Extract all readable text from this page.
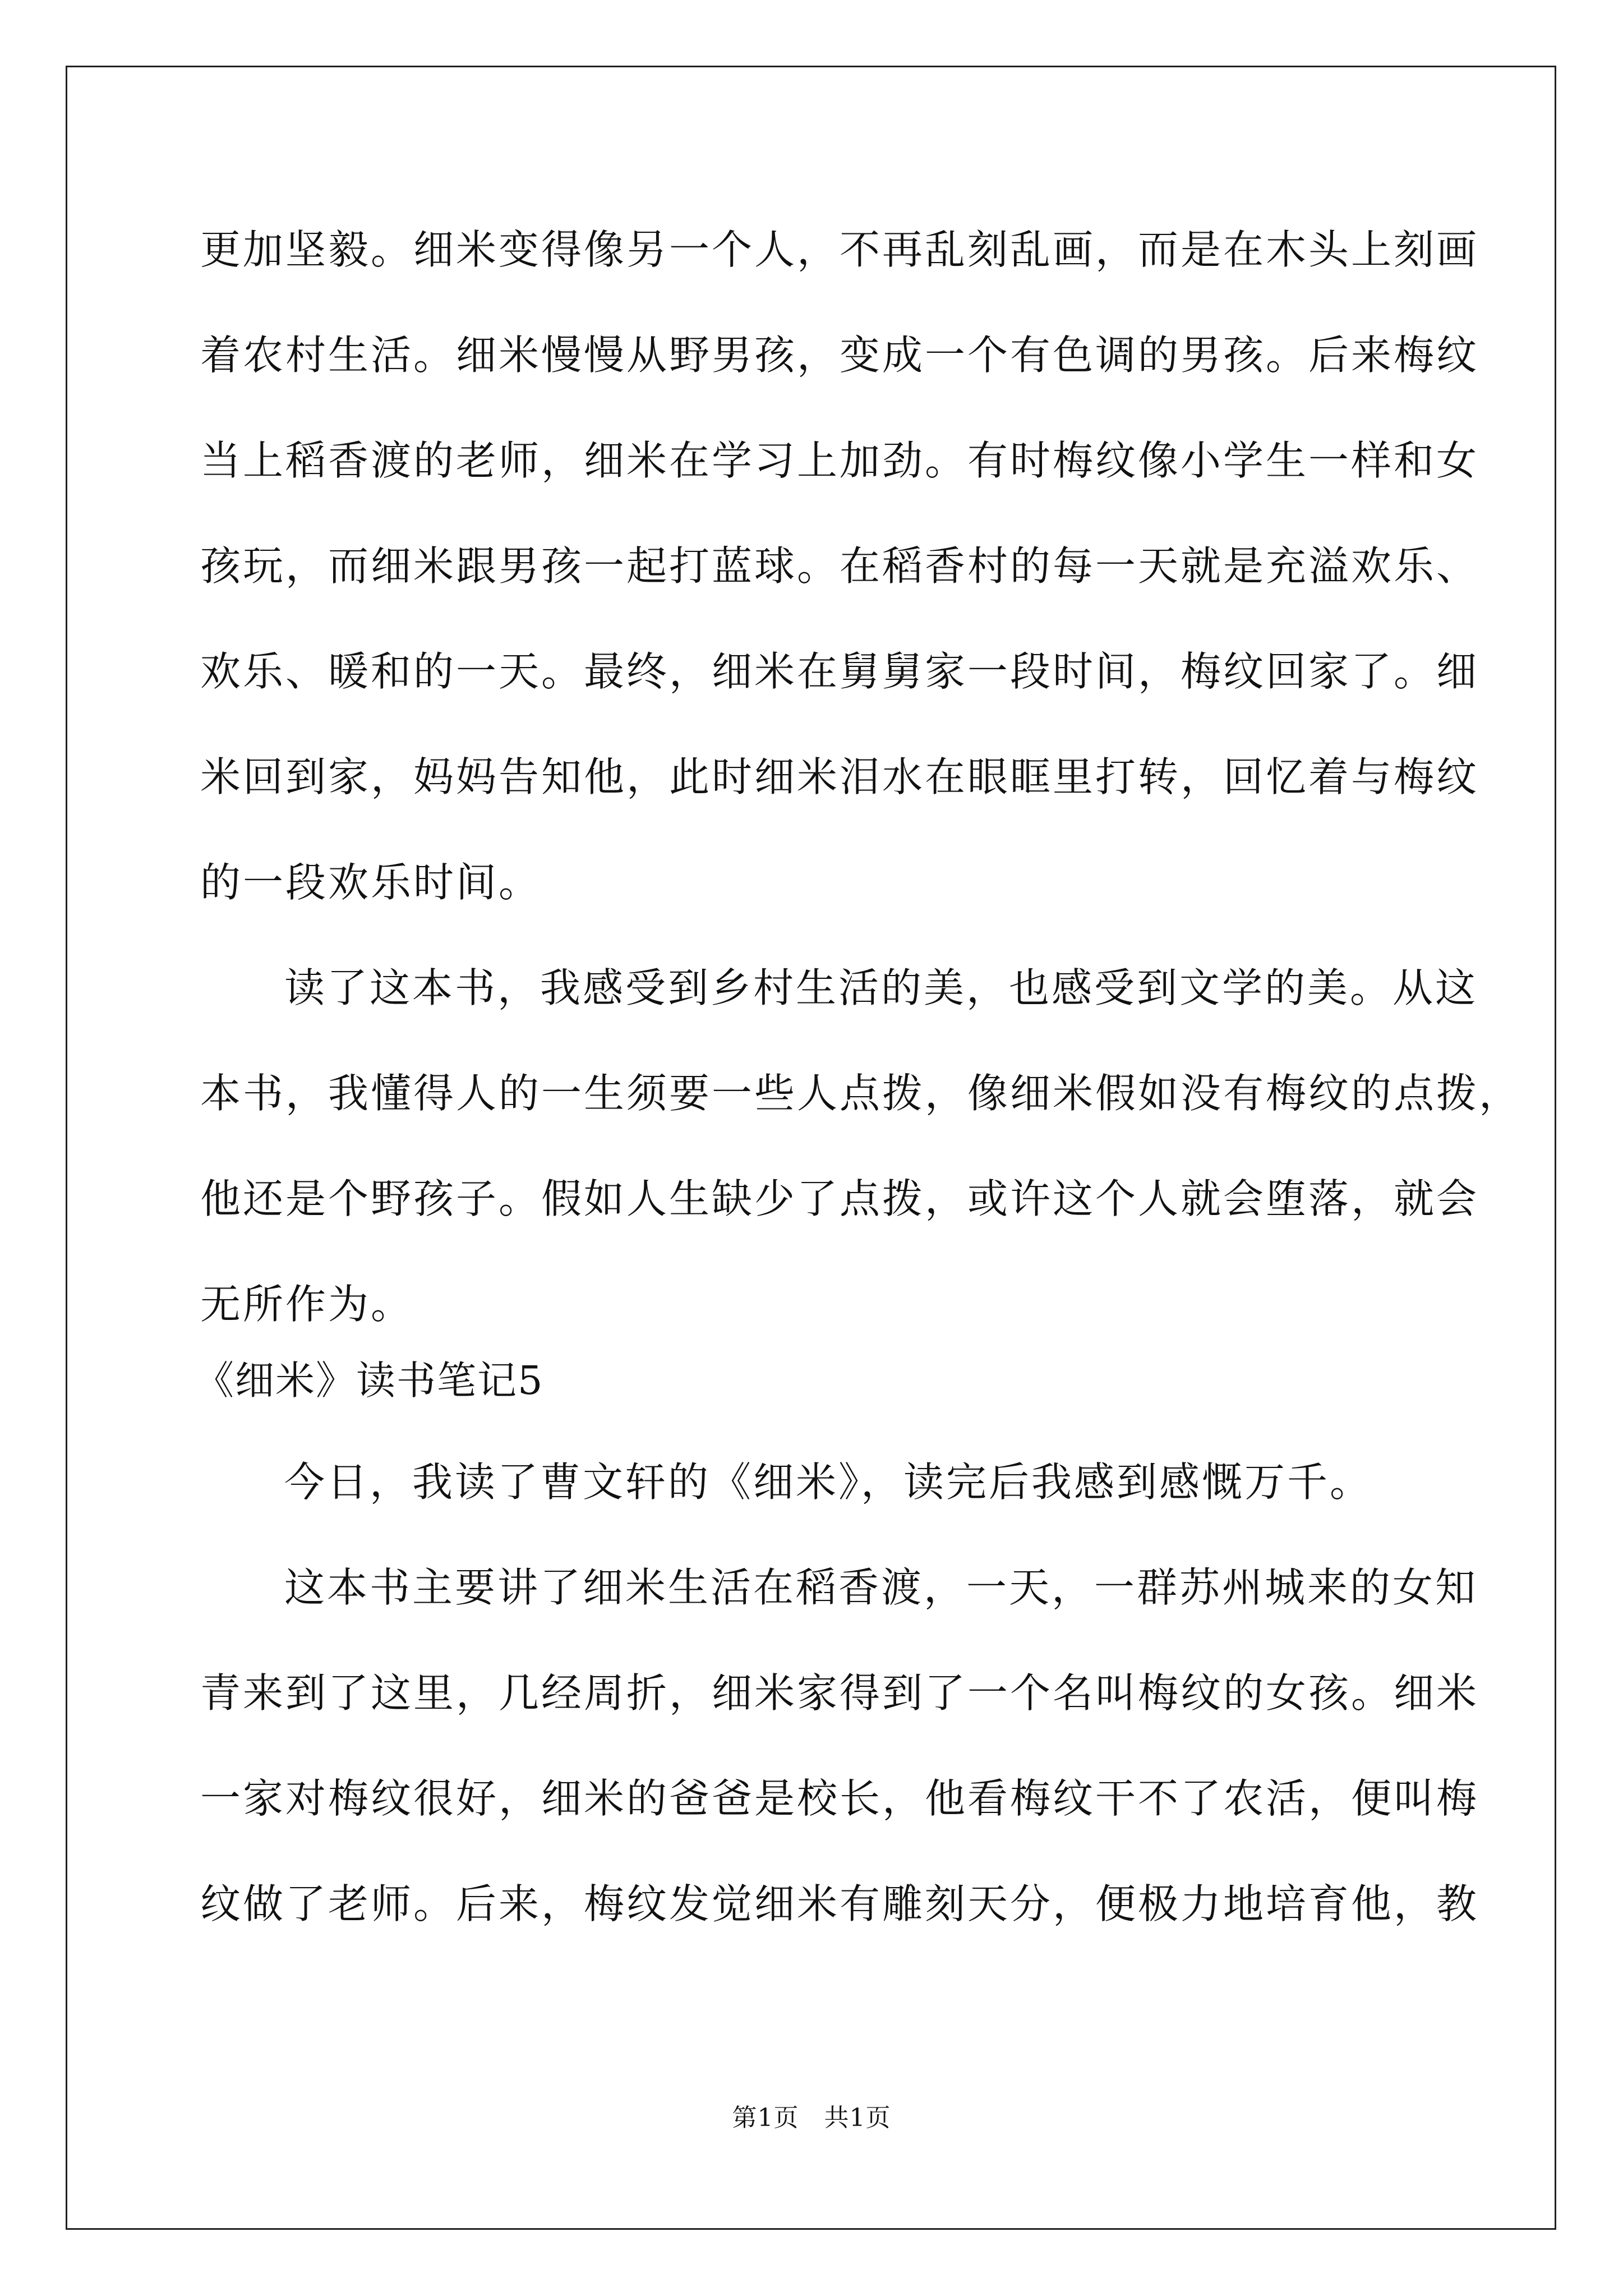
更加坚毅。细米变得像另一个人，不再乱刻乱画，而是在木头上刻画
着农村生活。细米慢慢从野男孩，变成一个有色调的男孩。后来梅纹
当上稻香渡的老师，细米在学习上加劲。有时梅纹像小学生一样和女
孩玩，而细米跟男孩一起打蓝球。在稻香村的每一天就是充溢欢乐、
欢乐、暖和的一天。最终，细米在舅舅家一段时间，梅纹回家了。细
米回到家，妈妈告知他，此时细米泪水在眼眶里打转，回忆着与梅纹
的一段欢乐时间。
读了这本书，我感受到乡村生活的美，也感受到文学的美。从这
本书，我懂得人的一生须要一些人点拨，像细米假如没有梅纹的点拨，
他还是个野孩子。假如人生缺少了点拨，或许这个人就会堕落，就会
无所作为。
《细米》读书笔记5
今日，我读了曹文轩的《细米》，读完后我感到感慨万千。
这本书主要讲了细米生活在稻香渡，一天，一群苏州城来的女知
青来到了这里，几经周折，细米家得到了一个名叫梅纹的女孩。细米
一家对梅纹很好，细米的爸爸是校长，他看梅纹干不了农活，便叫梅
纹做了老师。后来，梅纹发觉细米有雕刻天分，便极力地培育他，教
第1页　共1页
